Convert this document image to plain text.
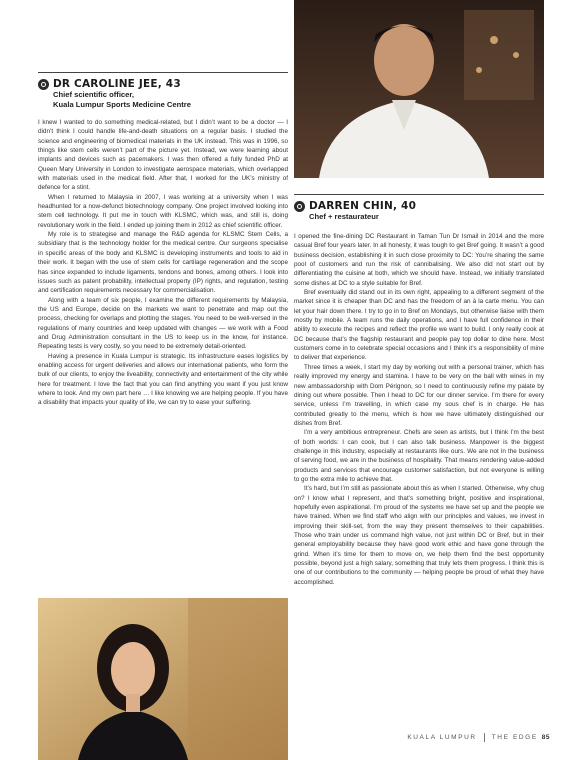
DR CAROLINE JEE, 43
Chief scientific officer,
Kuala Lumpur Sports Medicine Centre

I knew I wanted to do something medical-related, but I didn’t want to be a doctor — I didn’t think I could handle life-and-death situations on a regular basis. I studied the science and engineering of biomedical materials in the UK instead. This was in 1996, so things like stem cells weren’t part of the picture yet. Instead, we were learning about implants and devices such as pacemakers. I was then offered a fully funded PhD at Queen Mary University in London to investigate aerospace materials, which overlapped with materials used in the medical field. After that, I worked for the UK’s ministry of defence for a stint.

When I returned to Malaysia in 2007, I was working at a university when I was headhunted for a now-defunct biotechnology company. One project involved looking into stem cell technology. It put me in touch with KLSMC, which was, and still is, doing revolutionary work in the field. I ended up joining them in 2012 as chief scientific officer.

My role is to strategise and manage the R&D agenda for KLSMC Stem Cells, a subsidiary that is the technology holder for the medical centre. Our surgeons specialise in specific areas of the body and KLSMC is developing instruments and tools to aid in their work. It began with the use of stem cells for cartilage regeneration and the scope has since expanded to include ligaments, tendons and bones, among others. I look into issues such as patent probability, intellectual property (IP) rights, and regulation, testing and certification requirements necessary for commercialisation.

Along with a team of six people, I examine the different requirements by Malaysia, the US and Europe, decide on the markets we want to penetrate and map out the process, checking for overlaps and plotting the stages. You need to be well-versed in the regulations of many countries and keep updated with changes — we work with a Food and Drug Administration consultant in the US to keep us in the know, for instance. Repeating tests is very costly, so you need to be extremely detail-oriented.

Having a presence in Kuala Lumpur is strategic. Its infrastructure eases logistics by enabling access for urgent deliveries and allows our international patients, who form the bulk of our clients, to enjoy the liveability, connectivity and entertainment of the city while here for treatment. I love the fact that you can find anything you want if you just know where to look. And my own part here … I like knowing we are helping people. If you have a disability that impacts your quality of life, we can try to ease your suffering.

DARREN CHIN, 40
Chef + restaurateur

I opened the fine-dining DC Restaurant in Taman Tun Dr Ismail in 2014 and the more casual Bref four years later. In all honesty, it was tough to get Bref going. It wasn’t a good business decision, establishing it in such close proximity to DC: You’re sharing the same pool of customers and run the risk of cannibalising. We also did not start out by differentiating the cuisine at both, which we should have. Instead, we initially translated some dishes at DC to a style suitable for Bref.

Bref eventually did stand out in its own right, appealing to a different segment of the market since it is cheaper than DC and has the freedom of an à la carte menu. You can let your hair down there. I try to go in to Bref on Mondays, but otherwise liaise with them mostly by mobile. A team runs the daily operations, and I have full confidence in their ability to execute the recipes and reflect the profile we want to build. I only really cook at DC because that’s the flagship restaurant and people pay top dollar to dine here. Most customers come in to celebrate special occasions and I think it’s a responsibility of mine to deliver that experience.

Three times a week, I start my day by working out with a personal trainer, which has really improved my energy and stamina. I have to be very on the ball with wines in my new ambassadorship with Dom Pérignon, so I need to continuously refine my palate by dining out where possible. Then I head to DC for our dinner service. I’m there for every service, unless I’m travelling, in which case my sous chef is in charge. He has contributed greatly to the menu, which is how we have ultimately distinguished our dishes from Bref.

I’m a very ambitious entrepreneur. Chefs are seen as artists, but I think I’m the best of both worlds: I can cook, but I can also talk business. Manpower is the biggest challenge in this industry, especially at restaurants like ours. We are not in the business of serving food, we are in the business of hospitality. That means rendering value-added products and services that encourage customer satisfaction, but not everyone is willing to go the extra mile to achieve that.

It’s hard, but I’m still as passionate about this as when I started. Otherwise, why chug on? I know what I represent, and that’s something bright, positive and inspirational, hopefully even aspirational. I’m proud of the systems we have set up and the people we have trained. When we find staff who align with our principles and values, we invest in improving their skill-set, from the way they present themselves to their capabilities. Those who train under us command high value, not just within DC or Bref, but in their general employability because they have good work ethic and have gone through the grind. When it’s time for them to move on, we help them find the best opportunity possible, beyond just a high salary, something that truly lets them progress. I think this is one of our contributions to the community — helping people be proud of what they have accomplished.

KUALA LUMPUR THE EDGE 85
